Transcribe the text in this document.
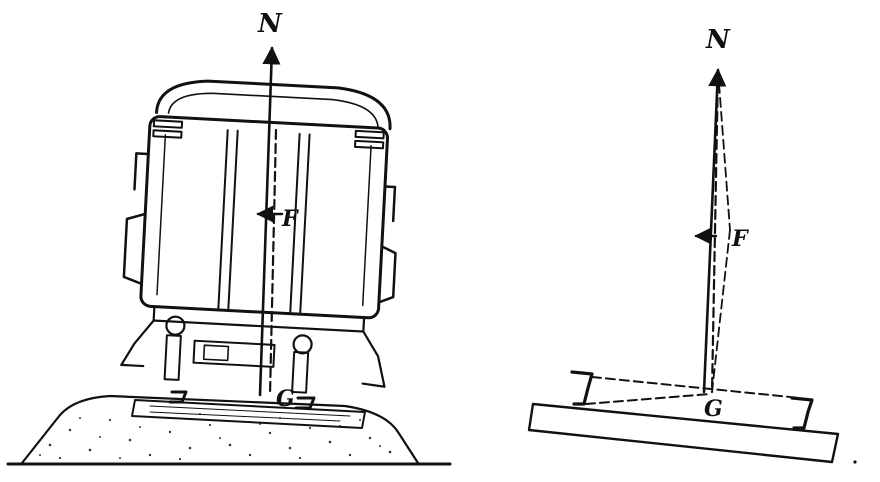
N
F
G
N
F
G
